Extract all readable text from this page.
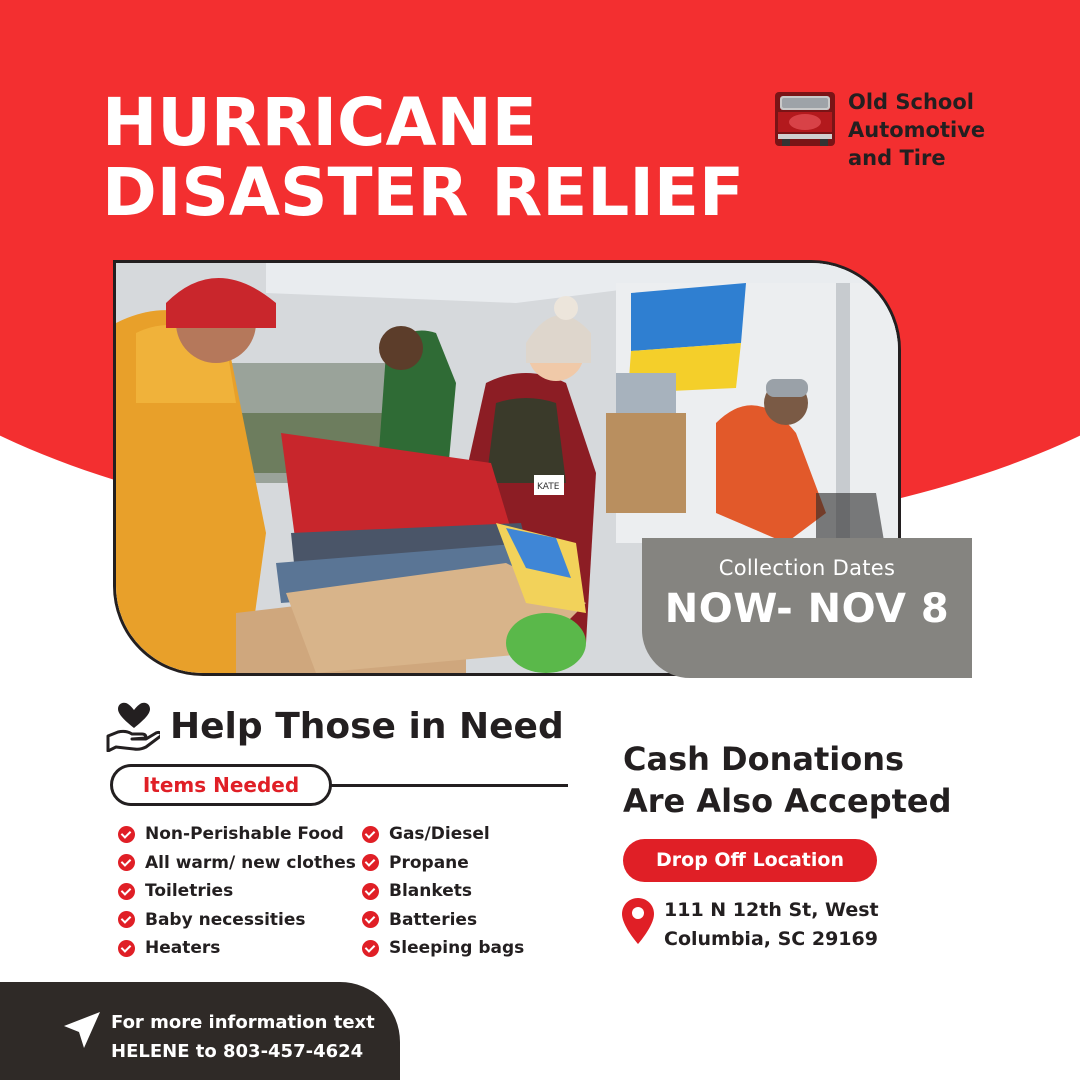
HURRICANE
DISASTER RELIEF
Old School
Automotive
and Tire
KATE
Collection Dates
NOW- NOV 8
Help Those in Need
Items Needed
Non-Perishable Food
All warm/ new clothes
Toiletries
Baby necessities
Heaters
Gas/Diesel
Propane
Blankets
Batteries
Sleeping bags
Cash Donations
Are Also Accepted
Drop Off Location
111 N 12th St, West
Columbia, SC 29169
For more information text
HELENE to 803-457-4624
